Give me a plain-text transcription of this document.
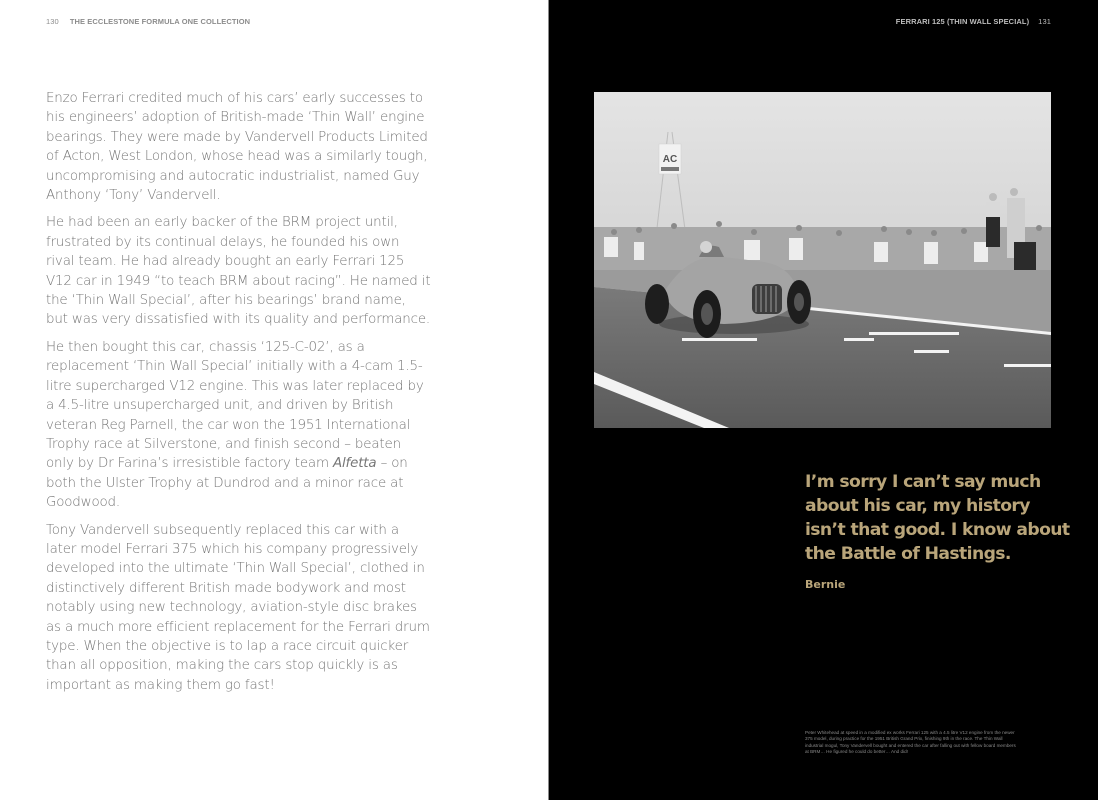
130 THE ECCLESTONE FORMULA ONE COLLECTION

Enzo Ferrari credited much of his cars’ early successes to his engineers’ adoption of British-made ‘Thin Wall’ engine bearings. They were made by Vandervell Products Limited of Acton, West London, whose head was a similarly tough, uncompromising and autocratic industrialist, named Guy Anthony ‘Tony’ Vandervell.

He had been an early backer of the BRM project until, frustrated by its continual delays, he founded his own rival team. He had already bought an early Ferrari 125 V12 car in 1949 “to teach BRM about racing”. He named it the ‘Thin Wall Special’, after his bearings’ brand name, but was very dissatisfied with its quality and performance.

He then bought this car, chassis ‘125-C-02’, as a replacement ‘Thin Wall Special’ initially with a 4-cam 1.5-litre supercharged V12 engine. This was later replaced by a 4.5-litre unsupercharged unit, and driven by British veteran Reg Parnell, the car won the 1951 International Trophy race at Silverstone, and finish second – beaten only by Dr Farina’s irresistible factory team Alfetta – on both the Ulster Trophy at Dundrod and a minor race at Goodwood.

Tony Vandervell subsequently replaced this car with a later model Ferrari 375 which his company progressively developed into the ultimate ‘Thin Wall Special’, clothed in distinctively different British made bodywork and most notably using new technology, aviation-style disc brakes as a much more efficient replacement for the Ferrari drum type. When the objective is to lap a race circuit quicker than all opposition, making the cars stop quickly is as important as making them go fast!

FERRARI 125 (THIN WALL SPECIAL) 131
AC

I’m sorry I can’t say much about his car, my history isn’t that good. I know about the Battle of Hastings.

Bernie
Peter Whitehead at speed in a modified ex works Ferrari 125 with a 4.5 litre V12 engine from the newer 375 model, during practice for the 1951 British Grand Prix, finishing 9th in the race. The Thin Wall industrial mogul, Tony Vandervell bought and entered the car after falling out with fellow board members at BRM… He figured he could do better… And did!
